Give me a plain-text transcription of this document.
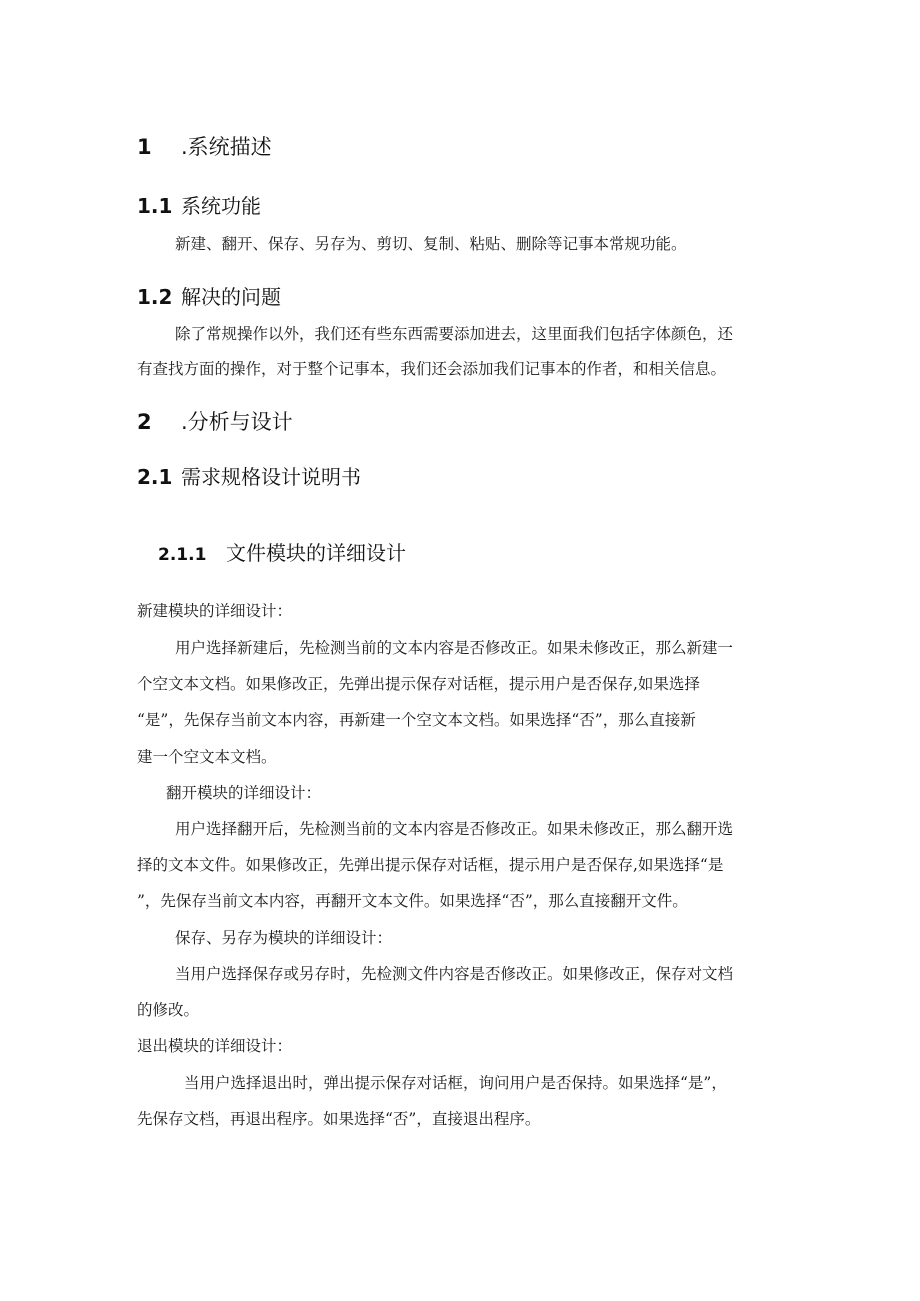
1 .系统描述
1.1 系统功能
新建、翻开、保存、另存为、剪切、复制、粘贴、删除等记事本常规功能。
1.2 解决的问题
除了常规操作以外，我们还有些东西需要添加进去，这里面我们包括字体颜色，还
有查找方面的操作，对于整个记事本，我们还会添加我们记事本的作者，和相关信息。
2 .分析与设计
2.1 需求规格设计说明书
2.1.1 文件模块的详细设计
新建模块的详细设计：
用户选择新建后，先检测当前的文本内容是否修改正。如果未修改正，那么新建一
个空文本文档。如果修改正，先弹出提示保存对话框，提示用户是否保存,如果选择
“是”，先保存当前文本内容，再新建一个空文本文档。如果选择“否”，那么直接新
建一个空文本文档。
翻开模块的详细设计：
用户选择翻开后，先检测当前的文本内容是否修改正。如果未修改正，那么翻开选
择的文本文件。如果修改正，先弹出提示保存对话框，提示用户是否保存,如果选择“是
”，先保存当前文本内容，再翻开文本文件。如果选择“否”，那么直接翻开文件。
保存、另存为模块的详细设计：
当用户选择保存或另存时，先检测文件内容是否修改正。如果修改正，保存对文档
的修改。
退出模块的详细设计：
当用户选择退出时，弹出提示保存对话框，询问用户是否保持。如果选择“是”，
先保存文档，再退出程序。如果选择“否”，直接退出程序。
